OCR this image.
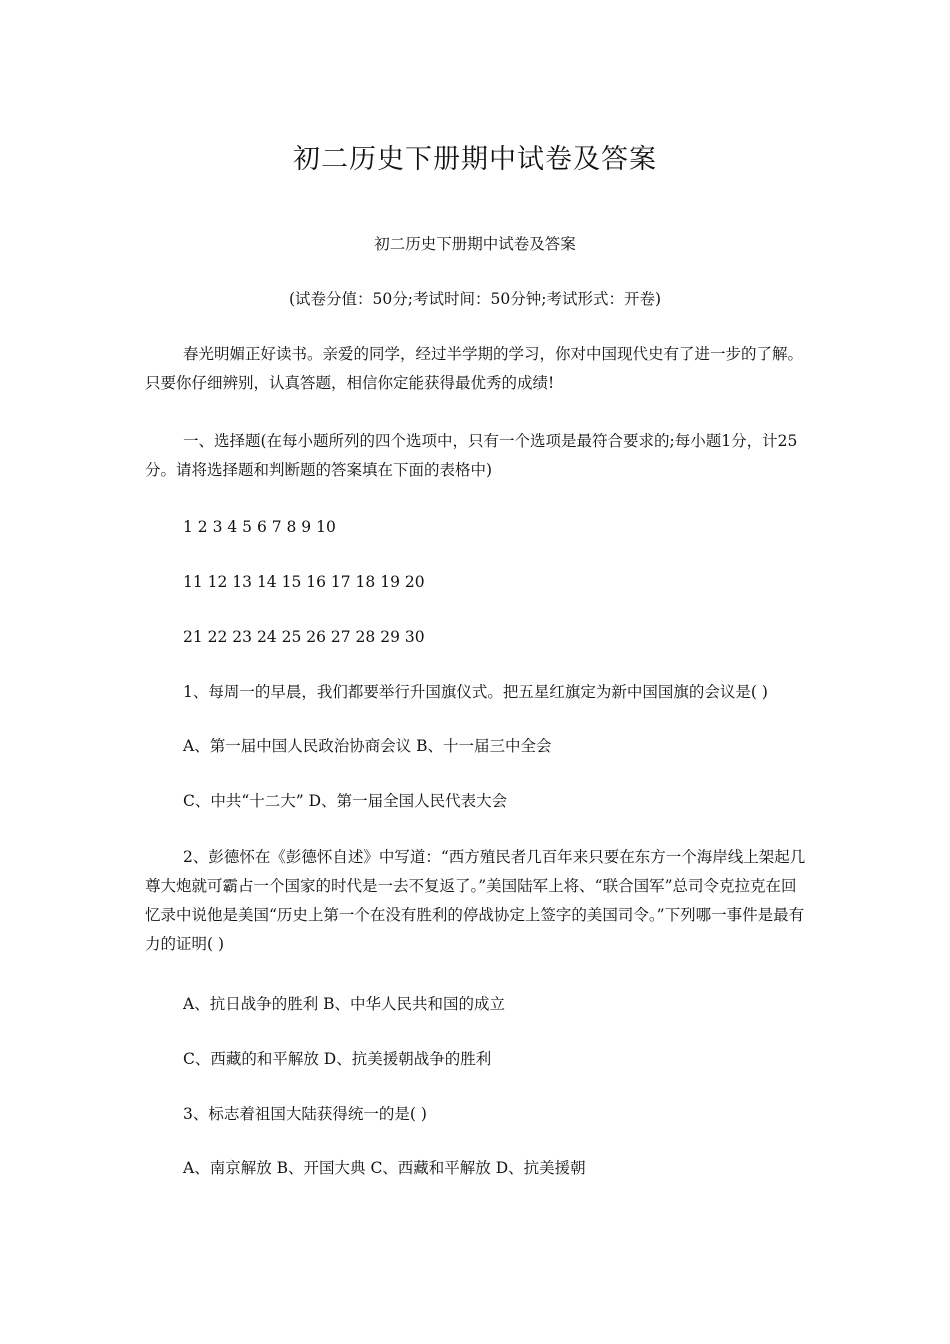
初二历史下册期中试卷及答案
初二历史下册期中试卷及答案
(试卷分值：50分;考试时间：50分钟;考试形式：开卷)
春光明媚正好读书。亲爱的同学，经过半学期的学习，你对中国现代史有了进一步的了解。只要你仔细辨别，认真答题，相信你定能获得最优秀的成绩!
一、选择题(在每小题所列的四个选项中，只有一个选项是最符合要求的;每小题1分，计25分。请将选择题和判断题的答案填在下面的表格中)
1 2 3 4 5 6 7 8 9 10
11 12 13 14 15 16 17 18 19 20
21 22 23 24 25 26 27 28 29 30
1、每周一的早晨，我们都要举行升国旗仪式。把五星红旗定为新中国国旗的会议是( )
A、第一届中国人民政治协商会议 B、十一届三中全会
C、中共“十二大” D、第一届全国人民代表大会
2、彭德怀在《彭德怀自述》中写道：“西方殖民者几百年来只要在东方一个海岸线上架起几尊大炮就可霸占一个国家的时代是一去不复返了。”美国陆军上将、“联合国军”总司令克拉克在回忆录中说他是美国“历史上第一个在没有胜利的停战协定上签字的美国司令。”下列哪一事件是最有力的证明( )
A、抗日战争的胜利 B、中华人民共和国的成立
C、西藏的和平解放 D、抗美援朝战争的胜利
3、标志着祖国大陆获得统一的是( )
A、南京解放 B、开国大典 C、西藏和平解放 D、抗美援朝
